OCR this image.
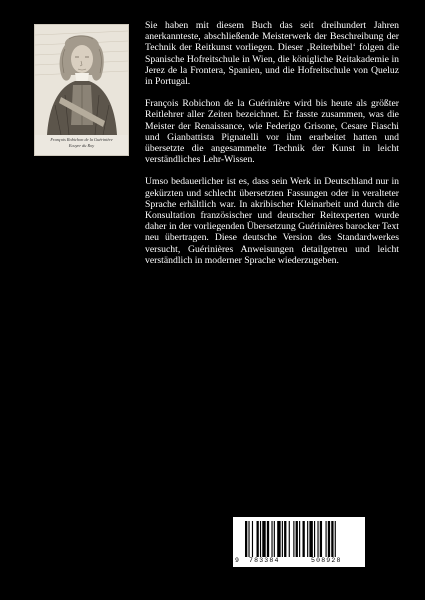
François Robichon de la Guérinière
Ecuyer du Roy

Sie haben mit diesem Buch das seit dreihundert Jahren anerkannteste, abschließende Meisterwerk der Beschreibung der Technik der Reitkunst vorliegen. Dieser ‚Reiterbibel‘ folgen die Spanische Hofreitschule in Wien, die königliche Reitakademie in Jerez de la Frontera, Spanien, und die Hofreitschule von Queluz in Portugal.

François Robichon de la Guérinière wird bis heute als größter Reitlehrer aller Zeiten bezeichnet. Er fasste zusammen, was die Meister der Renaissance, wie Federigo Grisone, Cesare Fiaschi und Gianbattista Pignatelli vor ihm erarbeitet hatten und übersetzte die angesammelte Technik der Kunst in leicht verständliches Lehr-Wissen.

Umso bedauerlicher ist es, dass sein Werk in Deutschland nur in gekürzten und schlecht übersetzten Fassungen oder in veralteter Sprache erhältlich war. In akribischer Kleinarbeit und durch die Konsultation französischer und deutscher Reitexperten wurde daher in der vorliegenden Übersetzung Guérinières barocker Text neu übertragen. Diese deutsche Version des Standardwerkes versucht, Guérinières Anweisungen detailgetreu und leicht verständlich in moderner Sprache wiederzugeben.

9 783384	508928
